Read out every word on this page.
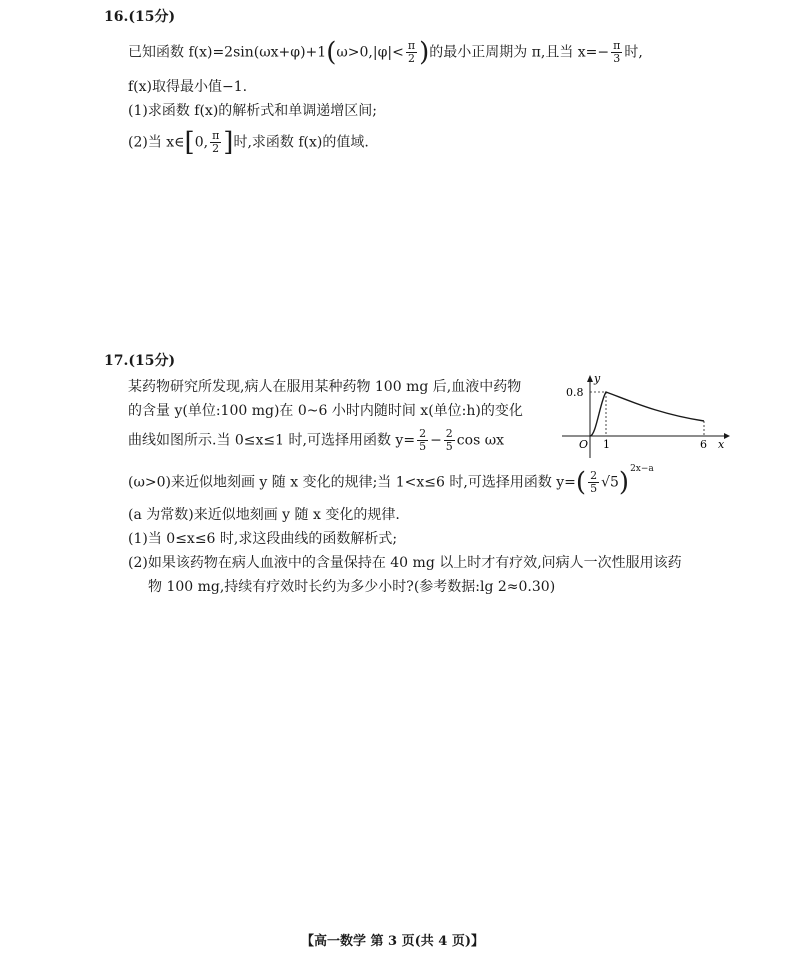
16.(15分)
已知函数 $f(x)=2\sin(\omega x+\varphi)+1(\omega>0,|\varphi|< \frac{\pi}{2}$ )的最小正周期为 π,且当 $x=- \frac{\pi}{3}$ 时,
f(x)取得最小值−1.
(1)求函数 f(x)的解析式和单调递增区间;
(2)当 x∈[0, $\frac{\pi}{2}$ ]时,求函数 f(x)的值域.
17.(15分)
某药物研究所发现,病人在服用某种药物 100 mg 后,血液中药物
的含量 y(单位:100 mg)在 0~6 小时内随时间 x(单位:h)的变化
曲线如图所示.当 0≤x≤1 时,可选择用函数 $y= \frac{2}{5} - \frac{2}{5}$ cos ωx
(ω>0)来近似地刻画 y 随 x 变化的规律;当 1<x≤6 时,可选择用函数 $y=( \frac{2}{5} √5)^{2x-a}$
(a 为常数)来近似地刻画 y 随 x 变化的规律.
(1)当 0≤x≤6 时,求这段曲线的函数解析式;
(2)如果该药物在病人血液中的含量保持在 40 mg 以上时才有疗效,问病人一次性服用该药
物 100 mg,持续有疗效时长约为多少小时?(参考数据:lg 2≈0.30)
y
x
O
0.8
1	6
【高一数学 第 3 页(共 4 页)】
